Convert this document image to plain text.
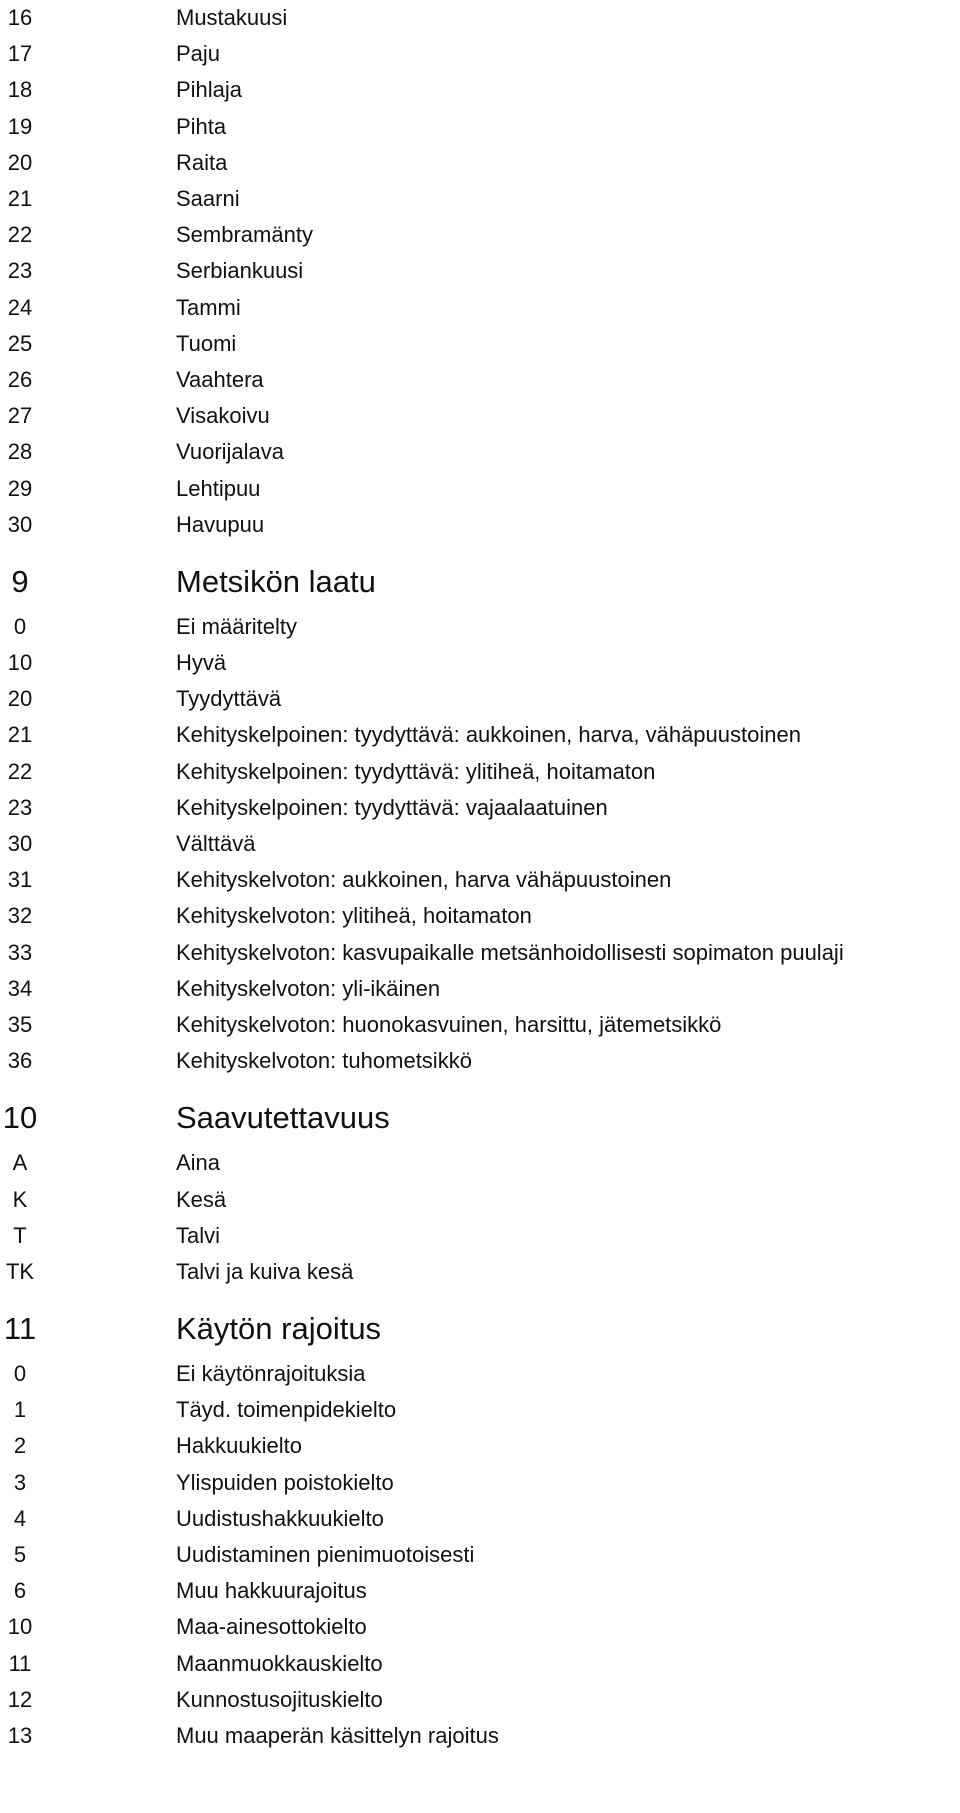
16	Mustakuusi
17	Paju
18	Pihlaja
19	Pihta
20	Raita
21	Saarni
22	Sembramänty
23	Serbiankuusi
24	Tammi
25	Tuomi
26	Vaahtera
27	Visakoivu
28	Vuorijalava
29	Lehtipuu
30	Havupuu
9	Metsikön laatu
0	Ei määritelty
10	Hyvä
20	Tyydyttävä
21	Kehityskelpoinen: tyydyttävä: aukkoinen, harva, vähäpuustoinen
22	Kehityskelpoinen: tyydyttävä: ylitiheä, hoitamaton
23	Kehityskelpoinen: tyydyttävä: vajaalaatuinen
30	Välttävä
31	Kehityskelvoton: aukkoinen, harva vähäpuustoinen
32	Kehityskelvoton: ylitiheä, hoitamaton
33	Kehityskelvoton: kasvupaikalle metsänhoidollisesti sopimaton puulaji
34	Kehityskelvoton: yli-ikäinen
35	Kehityskelvoton: huonokasvuinen, harsittu, jätemetsikkö
36	Kehityskelvoton: tuhometsikkö
10	Saavutettavuus
A	Aina
K	Kesä
T	Talvi
TK	Talvi ja kuiva kesä
11	Käytön rajoitus
0	Ei käytönrajoituksia
1	Täyd. toimenpidekielto
2	Hakkuukielto
3	Ylispuiden poistokielto
4	Uudistushakkuukielto
5	Uudistaminen pienimuotoisesti
6	Muu hakkuurajoitus
10	Maa-ainesottokielto
11	Maanmuokkauskielto
12	Kunnostusojituskielto
13	Muu maaperän käsittelyn rajoitus
